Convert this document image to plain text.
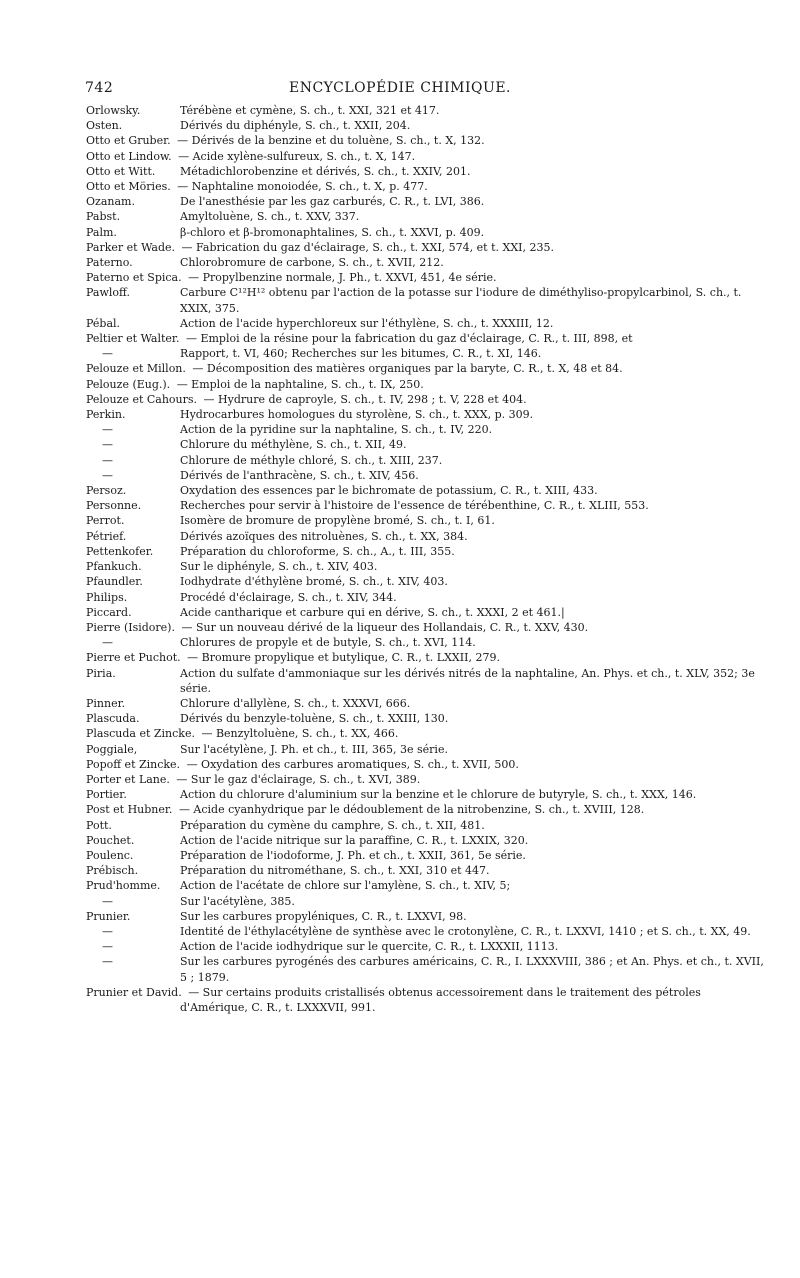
742	ENCYCLOPÉDIE CHIMIQUE.
Orlowsky.	Térébène et cymène, S. ch., t. XXI, 321 et 417.
Osten.	Dérivés du diphényle, S. ch., t. XXII, 204.
Otto et Gruber. — Dérivés de la benzine et du toluène, S. ch., t. X, 132.
Otto et Lindow. — Acide xylène-sulfureux, S. ch., t. X, 147.
Otto et Witt.	Métadichlorobenzine et dérivés, S. ch., t. XXIV, 201.
Otto et Möries. — Naphtaline monoiodée, S. ch., t. X, p. 477.
Ozanam.	De l'anesthésie par les gaz carburés, C. R., t. LVI, 386.
Pabst.	Amyltoluène, S. ch., t. XXV, 337.
Palm.	β-chloro et β-bromonaphtalines, S. ch., t. XXVI, p. 409.
Parker et Wade. — Fabrication du gaz d'éclairage, S. ch., t. XXI, 574, et t. XXI, 235.
Paterno.	Chlorobromure de carbone, S. ch., t. XVII, 212.
Paterno et Spica. — Propylbenzine normale, J. Ph., t. XXVI, 451, 4e série.
Pawloff.	Carbure C¹²H¹² obtenu par l'action de la potasse sur l'iodure de diméthyliso-propylcarbinol, S. ch., t. XXIX, 375.
Pébal.	Action de l'acide hyperchloreux sur l'éthylène, S. ch., t. XXXIII, 12.
Peltier et Walter. — Emploi de la résine pour la fabrication du gaz d'éclairage, C. R., t. III, 898, et
—	Rapport, t. VI, 460; Recherches sur les bitumes, C. R., t. XI, 146.
Pelouze et Millon. — Décomposition des matières organiques par la baryte, C. R., t. X, 48 et 84.
Pelouze (Eug.). — Emploi de la naphtaline, S. ch., t. IX, 250.
Pelouze et Cahours. — Hydrure de caproyle, S. ch., t. IV, 298 ; t. V, 228 et 404.
Perkin.	Hydrocarbures homologues du styrolène, S. ch., t. XXX, p. 309.
—	Action de la pyridine sur la naphtaline, S. ch., t. IV, 220.
—	Chlorure du méthylène, S. ch., t. XII, 49.
—	Chlorure de méthyle chloré, S. ch., t. XIII, 237.
—	Dérivés de l'anthracène, S. ch., t. XIV, 456.
Persoz.	Oxydation des essences par le bichromate de potassium, C. R., t. XIII, 433.
Personne.	Recherches pour servir à l'histoire de l'essence de térébenthine, C. R., t. XLIII, 553.
Perrot.	Isomère de bromure de propylène bromé, S. ch., t. I, 61.
Pétrief.	Dérivés azoïques des nitroluènes, S. ch., t. XX, 384.
Pettenkofer.	Préparation du chloroforme, S. ch., A., t. III, 355.
Pfankuch.	Sur le diphényle, S. ch., t. XIV, 403.
Pfaundler.	Iodhydrate d'éthylène bromé, S. ch., t. XIV, 403.
Philips.	Procédé d'éclairage, S. ch., t. XIV, 344.
Piccard.	Acide cantharique et carbure qui en dérive, S. ch., t. XXXI, 2 et 461.|
Pierre (Isidore). — Sur un nouveau dérivé de la liqueur des Hollandais, C. R., t. XXV, 430.
—	Chlorures de propyle et de butyle, S. ch., t. XVI, 114.
Pierre et Puchot. — Bromure propylique et butylique, C. R., t. LXXII, 279.
Piria.	Action du sulfate d'ammoniaque sur les dérivés nitrés de la naphtaline, An. Phys. et ch., t. XLV, 352; 3e série.
Pinner.	Chlorure d'allylène, S. ch., t. XXXVI, 666.
Plascuda.	Dérivés du benzyle-toluène, S. ch., t. XXIII, 130.
Plascuda et Zincke. — Benzyltoluène, S. ch., t. XX, 466.
Poggiale,	Sur l'acétylène, J. Ph. et ch., t. III, 365, 3e série.
Popoff et Zincke. — Oxydation des carbures aromatiques, S. ch., t. XVII, 500.
Porter et Lane. — Sur le gaz d'éclairage, S. ch., t. XVI, 389.
Portier.	Action du chlorure d'aluminium sur la benzine et le chlorure de butyryle, S. ch., t. XXX, 146.
Post et Hubner. — Acide cyanhydrique par le dédoublement de la nitrobenzine, S. ch., t. XVIII, 128.
Pott.	Préparation du cymène du camphre, S. ch., t. XII, 481.
Pouchet.	Action de l'acide nitrique sur la paraffine, C. R., t. LXXIX, 320.
Poulenc.	Préparation de l'iodoforme, J. Ph. et ch., t. XXII, 361, 5e série.
Prébisch.	Préparation du nitrométhane, S. ch., t. XXI, 310 et 447.
Prud'homme.	Action de l'acétate de chlore sur l'amylène, S. ch., t. XIV, 5;
—	Sur l'acétylène, 385.
Prunier.	Sur les carbures propyléniques, C. R., t. LXXVI, 98.
—	Identité de l'éthylacétylène de synthèse avec le crotonylène, C. R., t. LXXVI, 1410 ; et S. ch., t. XX, 49.
—	Action de l'acide iodhydrique sur le quercite, C. R., t. LXXXII, 1113.
—	Sur les carbures pyrogénés des carbures américains, C. R., I. LXXXVIII, 386 ; et An. Phys. et ch., t. XVII, 5 ; 1879.
Prunier et David. — Sur certains produits cristallisés obtenus accessoirement dans le traitement des pétroles d'Amérique, C. R., t. LXXXVII, 991.
